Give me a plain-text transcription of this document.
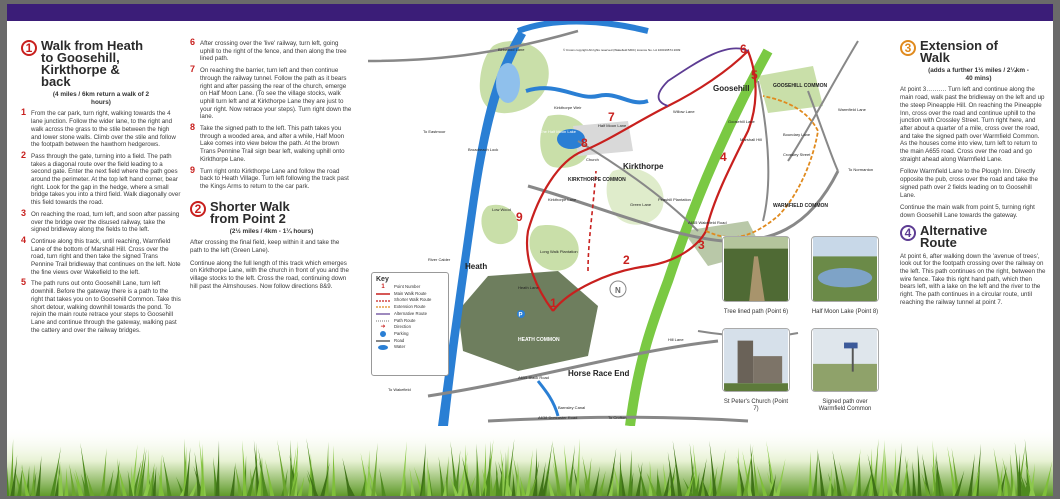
1 Walk from Heath to Goosehill, Kirkthorpe & back
(4 miles / 6km return a walk of 2 hours)
1 From the car park, turn right, walking towards the 4 lane junction. Follow the wider lane, to the right and walk across the grass to the stile between the high and lower stone walls. Climb over the stile and follow the footpath between the hawthorn hedgerows.
2 Pass through the gate, turning into a field. The path takes a diagonal route over the field leading to a second gate. Enter the next field where the path goes around the perimeter. At the top left hand corner, bear right. Look for the gap in the hedge, where a small bridge takes you into a third field. Walk diagonally over this field towards the road.
3 On reaching the road, turn left, and soon after passing over the bridge over the disused railway, take the signed bridleway along the fields to the left.
4 Continue along this track, until reaching, Warmfield Lane of the bottom of Marshall Hill. Cross over the road, turn right and then take the signed Trans Pennine Trail bridleway that continues on the left. Note the fine views over Wakefield to the left.
5 The path runs out onto Goosehill Lane, turn left downhill. Before the gateway there is a path to the right that takes you on to Goosehill Common. Take this short detour, walking downhill towards the pond. To rejoin the main route retrace your steps to Goosehill Lane and continue through the gateway, walking past the cattery and over the railway bridges.
6 After crossing over the 'live' railway, turn left, going uphill to the right of the fence, and then along the tree lined path.
7 On reaching the barrier, turn left and then continue through the railway tunnel. Follow the path as it bears right and after passing the rear of the church, emerge on Half Moon Lane. (To see the village stocks, walk uphill turn left and at Kirkthorpe Lane they are just to your right. Now retrace your steps). Turn right down the lane.
8 Take the signed path to the left. This path takes you through a wooded area, and after a while, Half Moon Lake comes into view below the path. At the brown Trans Pennine Trail sign bear left, walking uphill onto Kirkthorpe Lane.
9 Turn right onto Kirkthorpe Lane and follow the road back to Heath Village. Turn left following the track past the Kings Arms to return to the car park.
2 Shorter Walk from Point 2
(2½ miles / 4km - 1¼ hours)
After crossing the final field, keep within it and take the path to the left (Green Lane).
Continue along the full length of this track which emerges on Kirkthorpe Lane, with the church in front of you and the village stocks to the left. Cross the road, continuing down hill past the Almshouses. Now follow directions 8&9.
1
2
3
4
5
6
7
8
9
Goosehill	GOOSEHILL COMMON
Kirkthorpe
KIRKTHORPE COMMON
WARMFIELD COMMON
Heath
HEATH COMMON
Horse Race End
Church
The Half Moon Lake
Kirkthorpe Weir
Broadreach Lock
Low Wood
Long Walk Plantation
Peashill Plantation
River Calder
Barnsley Canal
Heath Lane
Kirkthorpe Lane
A655 Wakefield Road
A655 Black Road
A638 Doncaster Road
Half Moon Lane
Green Lane
Willow Lane
Marshall Hill
Goosehill Lane
Warmfield Lane
Boundary Lane
Crossley Street
Hill Lane
Birkwood Lane
To Eastmoor
To Normanton
To Wakefield
To Crofton
© Crown copyright All rights reserved (Wakefield MDC) Licence No. LA 100019574 2009
N
P
Key
1	Point Number
Main Walk Route
Shorter Walk Route
Extension Route
Alternative Route
Path Route
➜	Direction
Parking
Road
Water
Tree lined path (Point 6)	Half Moon Lake (Point 8)
St Peter's Church (Point 7)
Signed path over Warmfield Common
3 Extension of Walk
(adds a further 1½ miles / 2¼km - 40 mins)
At point 3………. Turn left and continue along the main road, walk past the bridleway on the left and up the steep Pineapple Hill. On reaching the Pineapple Inn, cross over the road and continue uphill to the junction with Crossley Street. Turn right here, and after about a quarter of a mile, cross over the road, and take the signed path over Warmfield Common. As the houses come into view, turn left to return to the main A655 road. Cross over the road and go straight ahead along Warmfield Lane.
Follow Warmfield Lane to the Plough Inn. Directly opposite the pub, cross over the road and take the signed path over 2 fields leading on to Goosehill Lane.
Continue the main walk from point 5, turning right down Goosehill Lane towards the gateway.
4 Alternative Route
At point 6, after walking down the 'avenue of trees', look out for the footpath crossing over the railway on the left. This path continues on the right, between the wire fence. Take this right hand path, which then bears left, with a lake on the left and the river to the right. The path continues in a circular route, until reaching the railway tunnel at point 7.
